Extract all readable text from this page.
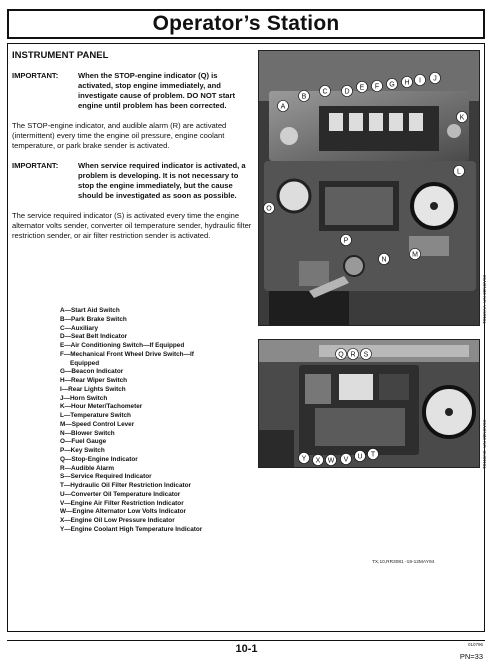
Operator’s Station
INSTRUMENT PANEL
IMPORTANT:	When the STOP-engine indicator (Q) is activated, stop engine immediately, and investigate cause of problem. DO NOT start engine until problem has been corrected.

The STOP-engine indicator, and audible alarm (R) are activated (intermittent) every time the engine oil pressure, engine coolant temperature, or park brake sender is activated.

IMPORTANT:	When service required indicator is activated, a problem is developing. It is not necessary to stop the engine immediately, but the cause should be investigated as soon as possible.

The service required indicator (S) is activated every time the engine alternator volts sender, converter oil temperature sender, hydraulic filter restriction sender, or air filter restriction sender is activated.

A—Start Aid Switch
B—Park Brake Switch
C—Auxiliary
D—Seat Belt Indicator
E—Air Conditioning Switch—If Equipped
F—Mechanical Front Wheel Drive Switch—If
Equipped
G—Beacon Indicator
H—Rear Wiper Switch
I—Rear Lights Switch
J—Horn Switch
K—Hour Meter/Tachometer
L—Temperature Switch
M—Speed Control Lever
N—Blower Switch
O—Fuel Gauge
P—Key Switch
Q—Stop-Engine Indicator
R—Audible Alarm
S—Service Required Indicator
T—Hydraulic Oil Filter Restriction Indicator
U—Converter Oil Temperature Indicator
V—Engine Air Filter Restriction Indicator
W—Engine Alternator Low Volts Indicator
X—Engine Oil Low Pressure Indicator
Y—Engine Coolant High Temperature Indicator
A
B
C D
E F G H I J
K
L
M
N
O
P
T8119AA -UN-22NOV93
Q R S
T
U
V
W
X
Y	T8118AS -UN-22NOV93
TX,10,RR3081 -19-12MAY94
10-1	010796
PN=33
